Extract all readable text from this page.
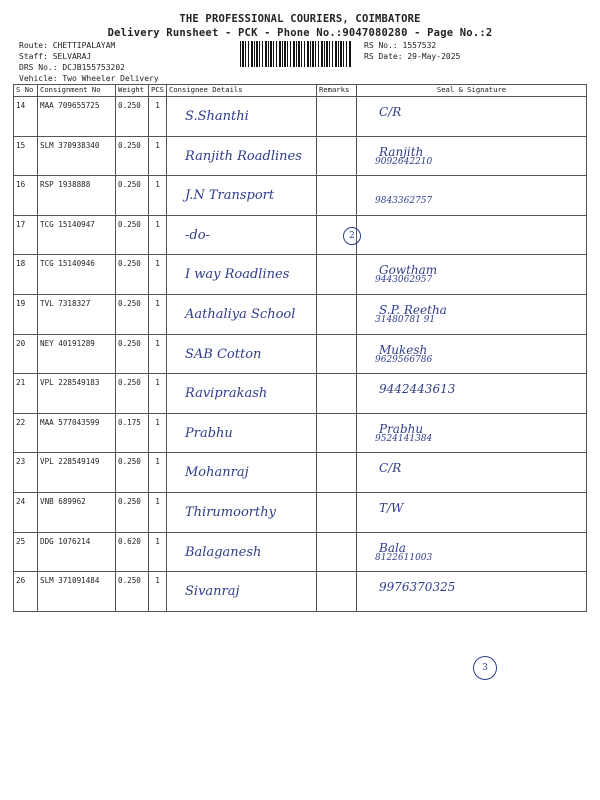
THE PROFESSIONAL COURIERS, COIMBATORE
Delivery Runsheet - PCK - Phone No.:9047080280 - Page No.:2
Route: CHETTIPALAYAM
Staff: SELVARAJ
DRS No.: DCJB155753202
Vehicle: Two Wheeler Delivery
RS No.: 1557532
RS Date: 29-May-2025
S No	Consignment No	Weight	PCS	Consignee Details	Remarks	Seal & Signature
14	MAA 709655725	0.250	1	S.Shanthi		C/R

15	SLM 370938340	0.250	1	Ranjith Roadlines		Ranjith
9092642210

16	RSP 1938888	0.250	1	J.N Transport		9843362757

17	TCG 15140947	0.250	1	-do-		

18	TCG 15140946	0.250	1	I way Roadlines		Gowtham
9443062957

19	TVL 7318327	0.250	1	Aathaliya School		S.P. Reetha
31480781 91

20	NEY 40191289	0.250	1	SAB Cotton		Mukesh
9629566786

21	VPL 228549183	0.250	1	Raviprakash		9442443613

22	MAA 577043599	0.175	1	Prabhu		Prabhu
9524141384

23	VPL 228549149	0.250	1	Mohanraj		C/R

24	VNB 689962	0.250	1	Thirumoorthy		T/W

25	DDG 1076214	0.620	1	Balaganesh		Bala
8122611003

26	SLM 371091484	0.250	1	Sivanraj		9976370325
2
3
